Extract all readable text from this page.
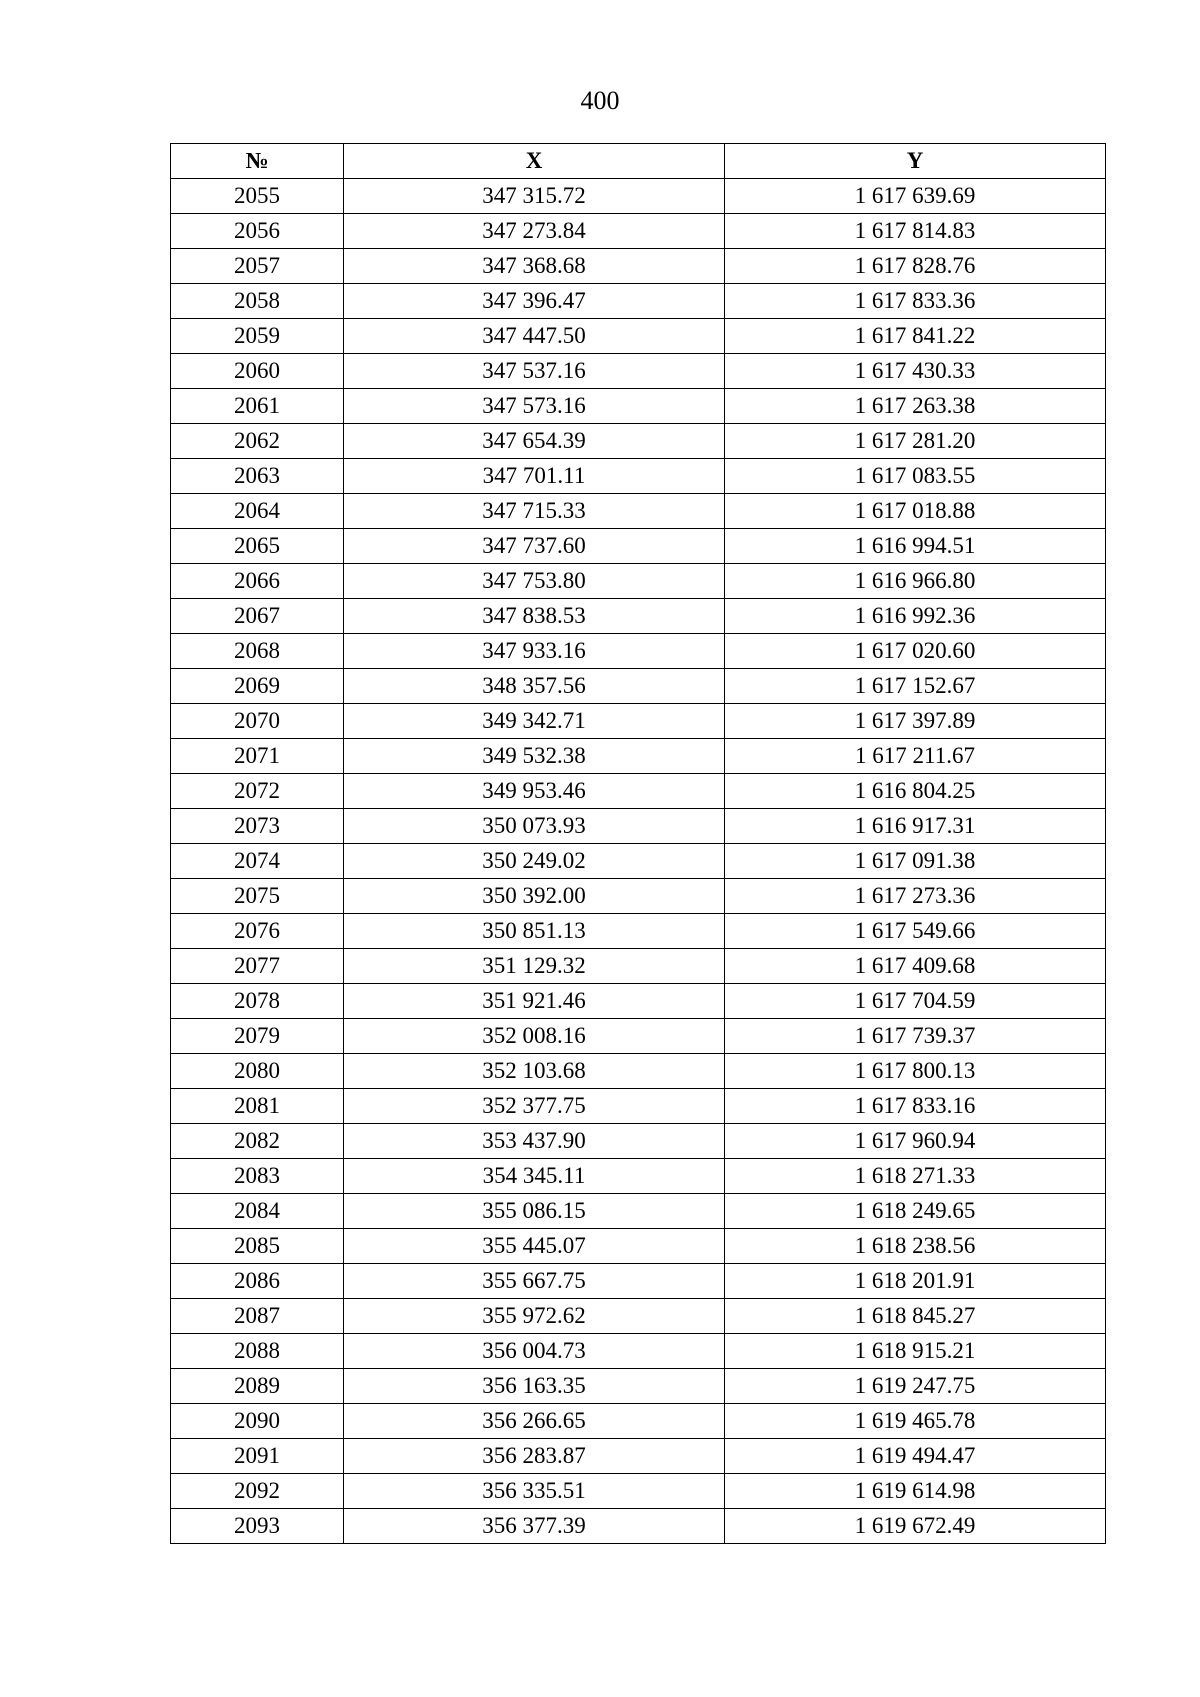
400
№	X	Y
2055	347 315.72	1 617 639.69
2056	347 273.84	1 617 814.83
2057	347 368.68	1 617 828.76
2058	347 396.47	1 617 833.36
2059	347 447.50	1 617 841.22
2060	347 537.16	1 617 430.33
2061	347 573.16	1 617 263.38
2062	347 654.39	1 617 281.20
2063	347 701.11	1 617 083.55
2064	347 715.33	1 617 018.88
2065	347 737.60	1 616 994.51
2066	347 753.80	1 616 966.80
2067	347 838.53	1 616 992.36
2068	347 933.16	1 617 020.60
2069	348 357.56	1 617 152.67
2070	349 342.71	1 617 397.89
2071	349 532.38	1 617 211.67
2072	349 953.46	1 616 804.25
2073	350 073.93	1 616 917.31
2074	350 249.02	1 617 091.38
2075	350 392.00	1 617 273.36
2076	350 851.13	1 617 549.66
2077	351 129.32	1 617 409.68
2078	351 921.46	1 617 704.59
2079	352 008.16	1 617 739.37
2080	352 103.68	1 617 800.13
2081	352 377.75	1 617 833.16
2082	353 437.90	1 617 960.94
2083	354 345.11	1 618 271.33
2084	355 086.15	1 618 249.65
2085	355 445.07	1 618 238.56
2086	355 667.75	1 618 201.91
2087	355 972.62	1 618 845.27
2088	356 004.73	1 618 915.21
2089	356 163.35	1 619 247.75
2090	356 266.65	1 619 465.78
2091	356 283.87	1 619 494.47
2092	356 335.51	1 619 614.98
2093	356 377.39	1 619 672.49
